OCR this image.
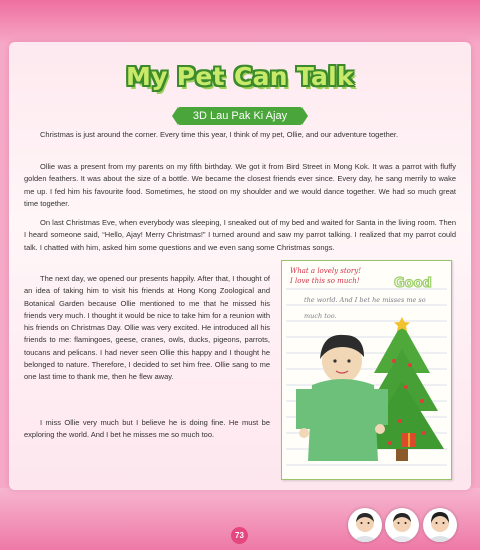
My Pet Can Talk
3D Lau Pak Ki Ajay

Christmas is just around the corner. Every time this year, I think of my pet, Ollie, and our adventure together.

Ollie was a present from my parents on my fifth birthday. We got it from Bird Street in Mong Kok. It was a parrot with fluffy golden feathers. It was about the size of a bottle. We became the closest friends ever since. Every day, he sang merrily to wake me up. I fed him his favourite food. Sometimes, he stood on my shoulder and we would dance together. We had so much great time together.

On last Christmas Eve, when everybody was sleeping, I sneaked out of my bed and waited for Santa in the living room. Then I heard someone said, “Hello, Ajay! Merry Christmas!” I turned around and saw my parrot talking. I realized that my parrot could talk. I chatted with him, asked him some questions and we even sang some Christmas songs.

The next day, we opened our presents happily. After that, I thought of an idea of taking him to visit his friends at Hong Kong Zoological and Botanical Garden because Ollie mentioned to me that he missed his friends very much. I thought it would be nice to take him for a reunion with his friends on Christmas Day. Ollie was very excited. He introduced all his friends to me: flamingoes, geese, cranes, owls, ducks, pigeons, parrots, toucans and pelicans. I had never seen Ollie this happy and I thought he belonged to nature. Therefore, I decided to set him free. Ollie sang to me one last time to thank me, then he flew away.

I miss Ollie very much but I believe he is doing fine. He must be exploring the world. And I bet he misses me so much too.

What a lovely story!
I love this so much!	Good
the world. And I bet he misses me so
much too.
73
